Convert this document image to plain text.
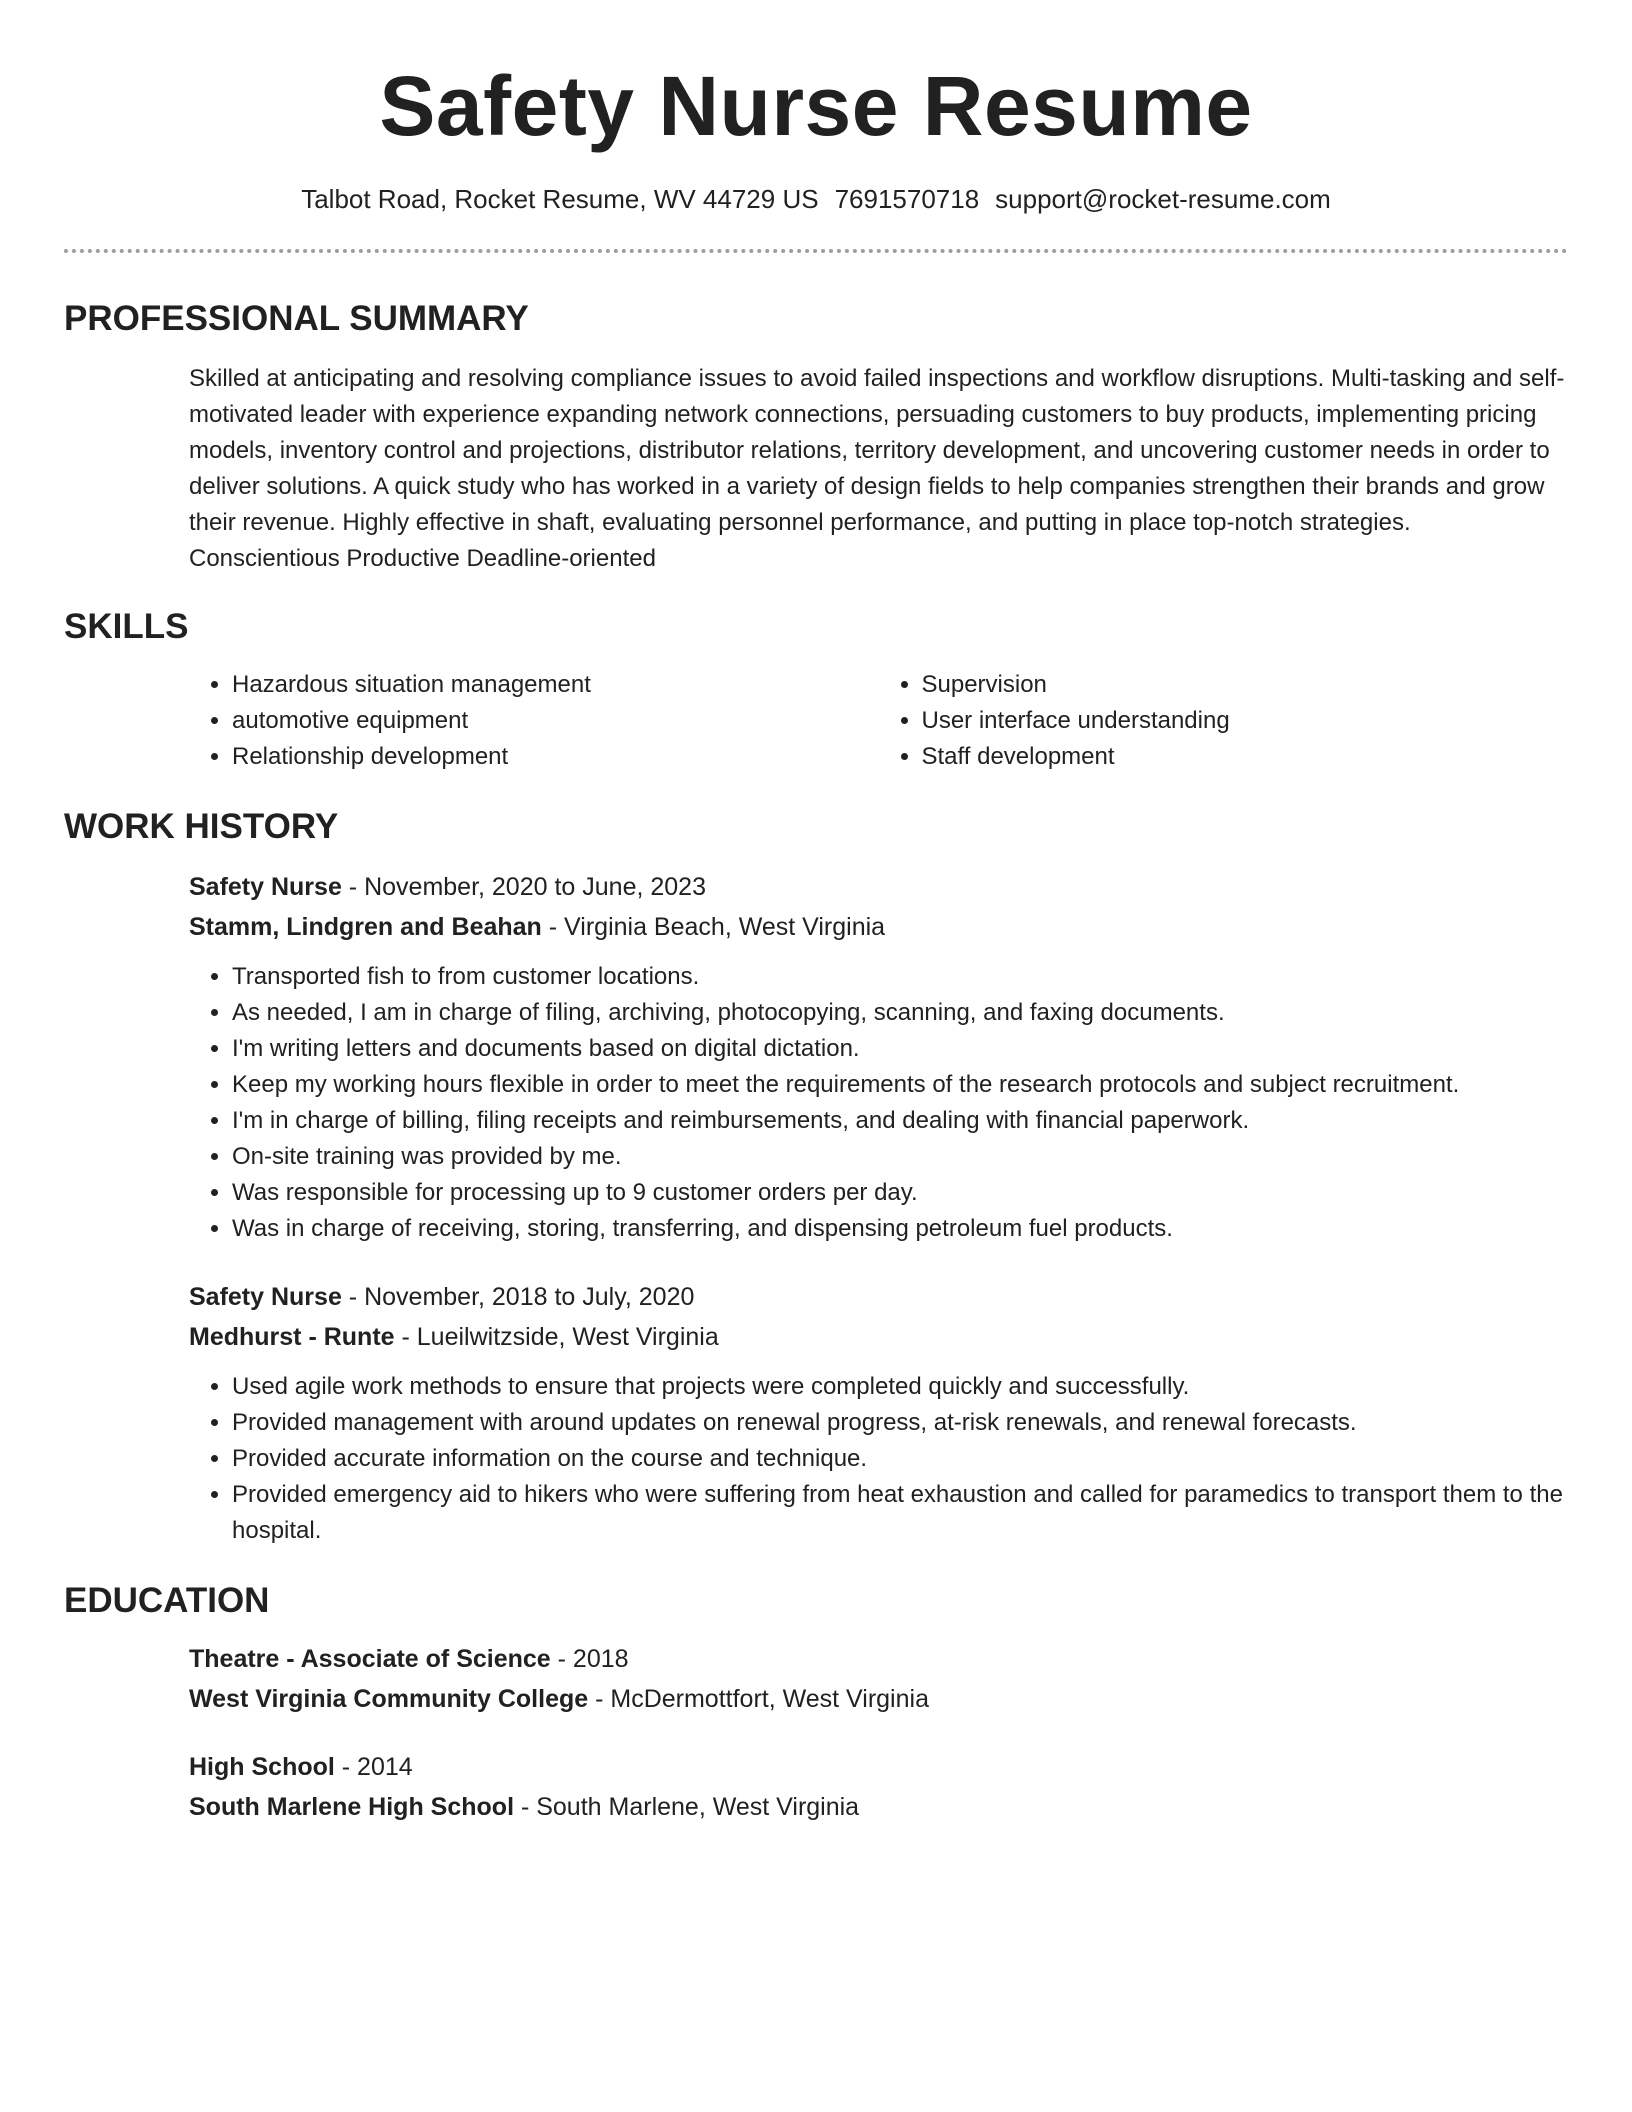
Safety Nurse Resume
Talbot Road, Rocket Resume, WV 44729 US 7691570718 support@rocket-resume.com
PROFESSIONAL SUMMARY

Skilled at anticipating and resolving compliance issues to avoid failed inspections and workflow disruptions. Multi-tasking and self-motivated leader with experience expanding network connections, persuading customers to buy products, implementing pricing models, inventory control and projections, distributor relations, territory development, and uncovering customer needs in order to deliver solutions. A quick study who has worked in a variety of design fields to help companies strengthen their brands and grow their revenue. Highly effective in shaft, evaluating personnel performance, and putting in place top-notch strategies. Conscientious Productive Deadline-oriented

SKILLS
• Hazardous situation management
• automotive equipment
• Relationship development
• Supervision
• User interface understanding
• Staff development
WORK HISTORY

Safety Nurse - November, 2020 to June, 2023

Stamm, Lindgren and Beahan - Virginia Beach, West Virginia

• Transported fish to from customer locations.
• As needed, I am in charge of filing, archiving, photocopying, scanning, and faxing documents.
• I'm writing letters and documents based on digital dictation.
• Keep my working hours flexible in order to meet the requirements of the research protocols and subject recruitment.
• I'm in charge of billing, filing receipts and reimbursements, and dealing with financial paperwork.
• On-site training was provided by me.
• Was responsible for processing up to 9 customer orders per day.
• Was in charge of receiving, storing, transferring, and dispensing petroleum fuel products.

Safety Nurse - November, 2018 to July, 2020

Medhurst - Runte - Lueilwitzside, West Virginia

• Used agile work methods to ensure that projects were completed quickly and successfully.
• Provided management with around updates on renewal progress, at-risk renewals, and renewal forecasts.
• Provided accurate information on the course and technique.
• Provided emergency aid to hikers who were suffering from heat exhaustion and called for paramedics to transport them to the hospital.
EDUCATION

Theatre - Associate of Science - 2018

West Virginia Community College - McDermottfort, West Virginia

High School - 2014

South Marlene High School - South Marlene, West Virginia
